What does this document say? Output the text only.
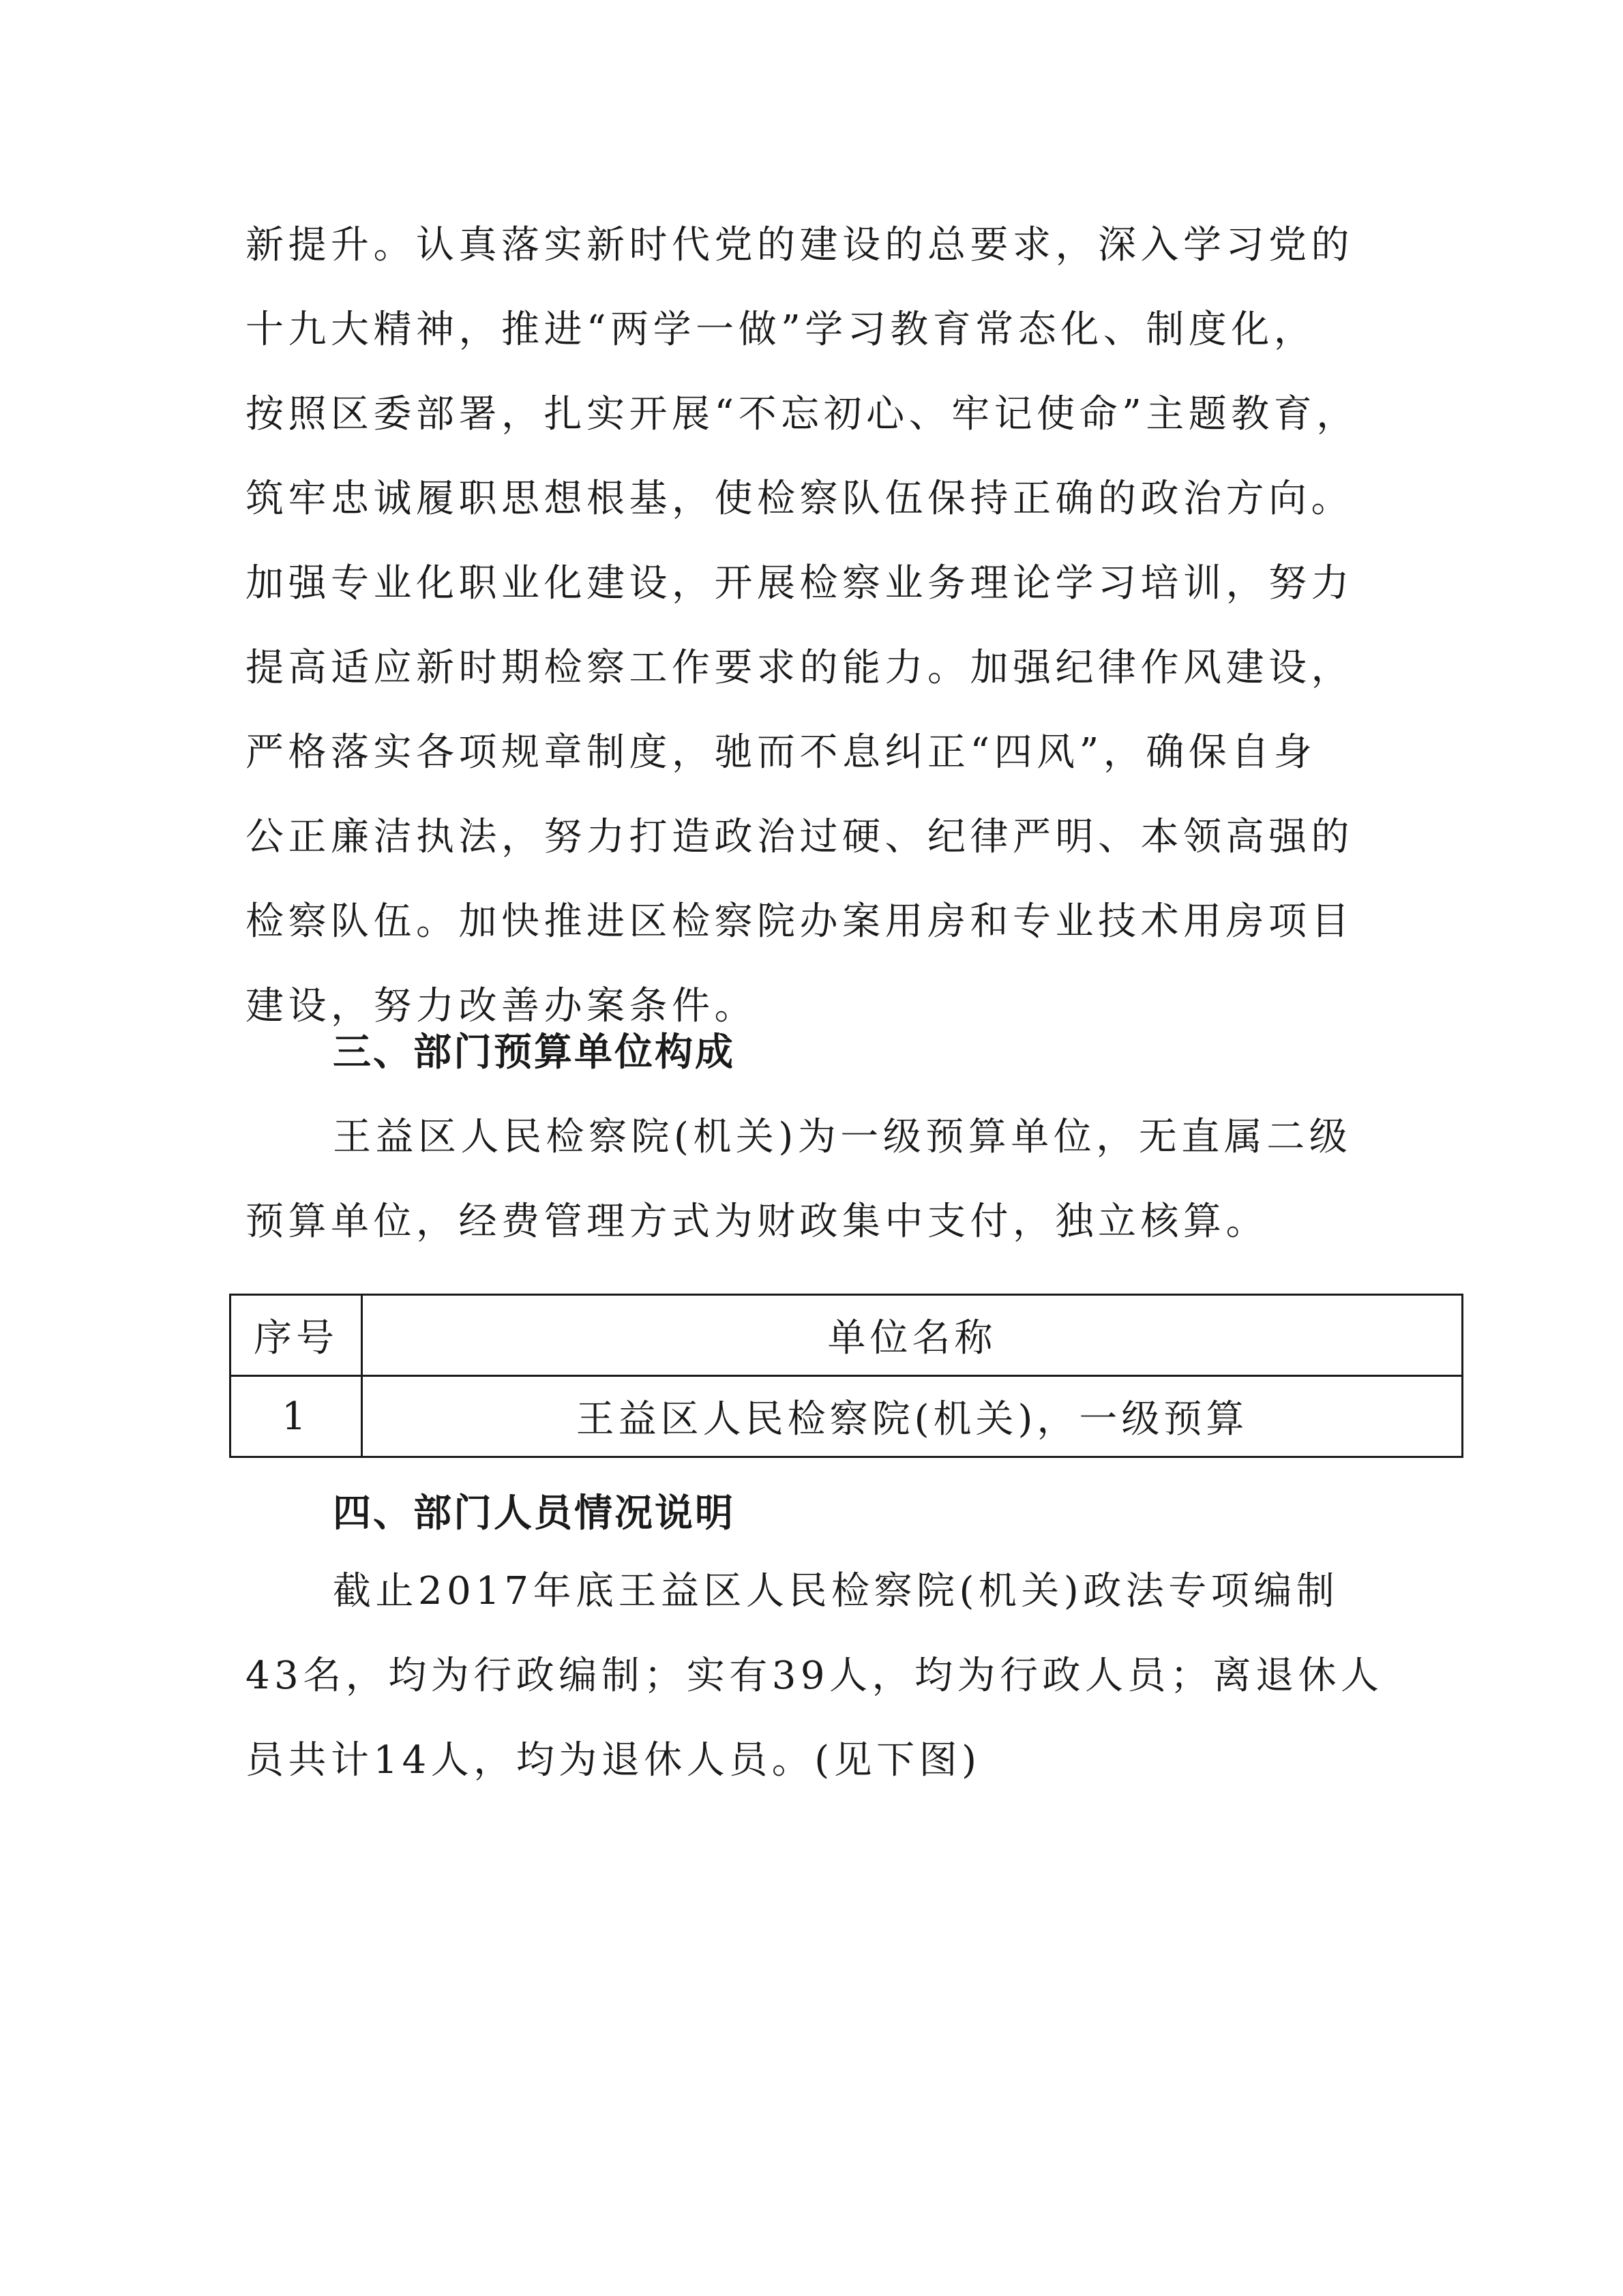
新提升。认真落实新时代党的建设的总要求，深入学习党的
十九大精神，推进“两学一做”学习教育常态化、制度化，
按照区委部署，扎实开展“不忘初心、牢记使命”主题教育，
筑牢忠诚履职思想根基，使检察队伍保持正确的政治方向。
加强专业化职业化建设，开展检察业务理论学习培训，努力
提高适应新时期检察工作要求的能力。加强纪律作风建设，
严格落实各项规章制度，驰而不息纠正“四风”，确保自身
公正廉洁执法，努力打造政治过硬、纪律严明、本领高强的
检察队伍。加快推进区检察院办案用房和专业技术用房项目
建设，努力改善办案条件。
三、部门预算单位构成
王益区人民检察院(机关)为一级预算单位，无直属二级
预算单位，经费管理方式为财政集中支付，独立核算。
序号	单位名称
1	王益区人民检察院(机关)，一级预算
四、部门人员情况说明
截止2017年底王益区人民检察院(机关)政法专项编制
43名，均为行政编制；实有39人，均为行政人员；离退休人
员共计14人，均为退休人员。(见下图)
